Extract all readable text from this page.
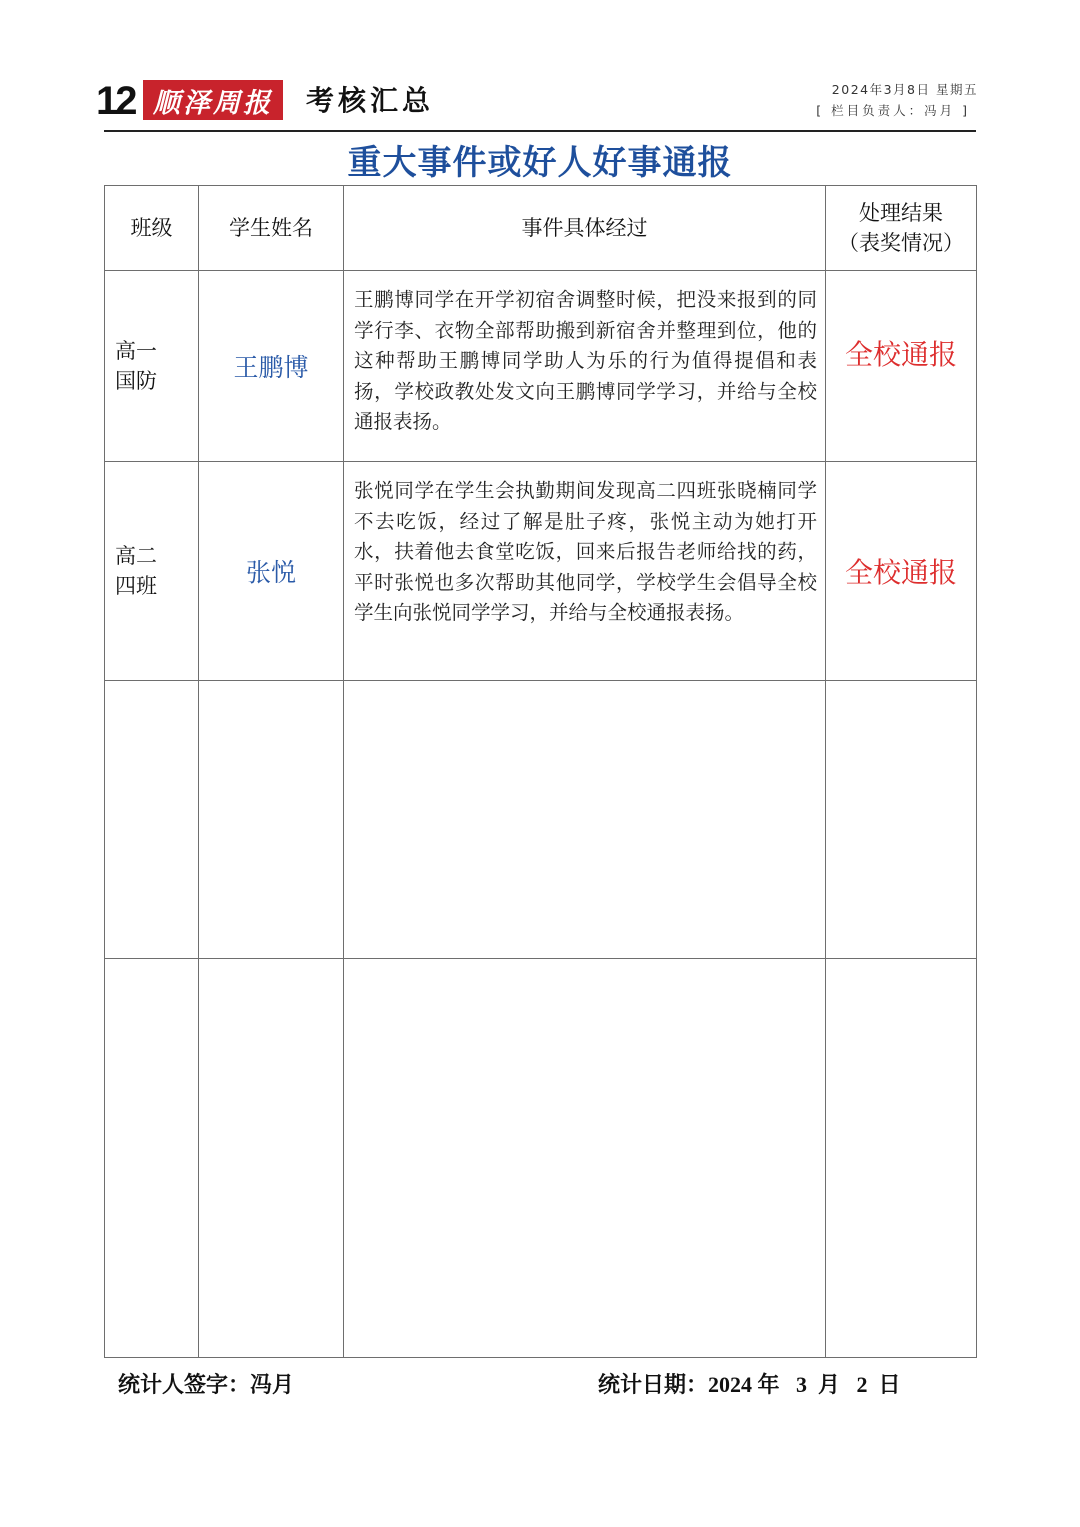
12 顺泽周报	考核汇总	2024年3月8日 星期五
[ 栏目负责人：冯月 ]
重大事件或好人好事通报
班级	学生姓名	事件具体经过	处理结果
（表奖情况）

高一
国防	王鹏博	王鹏博同学在开学初宿舍调整时候，把没来报到的同学行李、衣物全部帮助搬到新宿舍并整理到位，他的这种帮助王鹏博同学助人为乐的行为值得提倡和表扬，学校政教处发文向王鹏博同学学习，并给与全校通报表扬。	全校通报

高二
四班	张悦	张悦同学在学生会执勤期间发现高二四班张晓楠同学不去吃饭，经过了解是肚子疼，张悦主动为她打开水，扶着他去食堂吃饭，回来后报告老师给找的药，平时张悦也多次帮助其他同学，学校学生会倡导全校学生向张悦同学学习，并给与全校通报表扬。	全校通报

统计人签字：冯月	统计日期：2024 年   3  月   2  日
